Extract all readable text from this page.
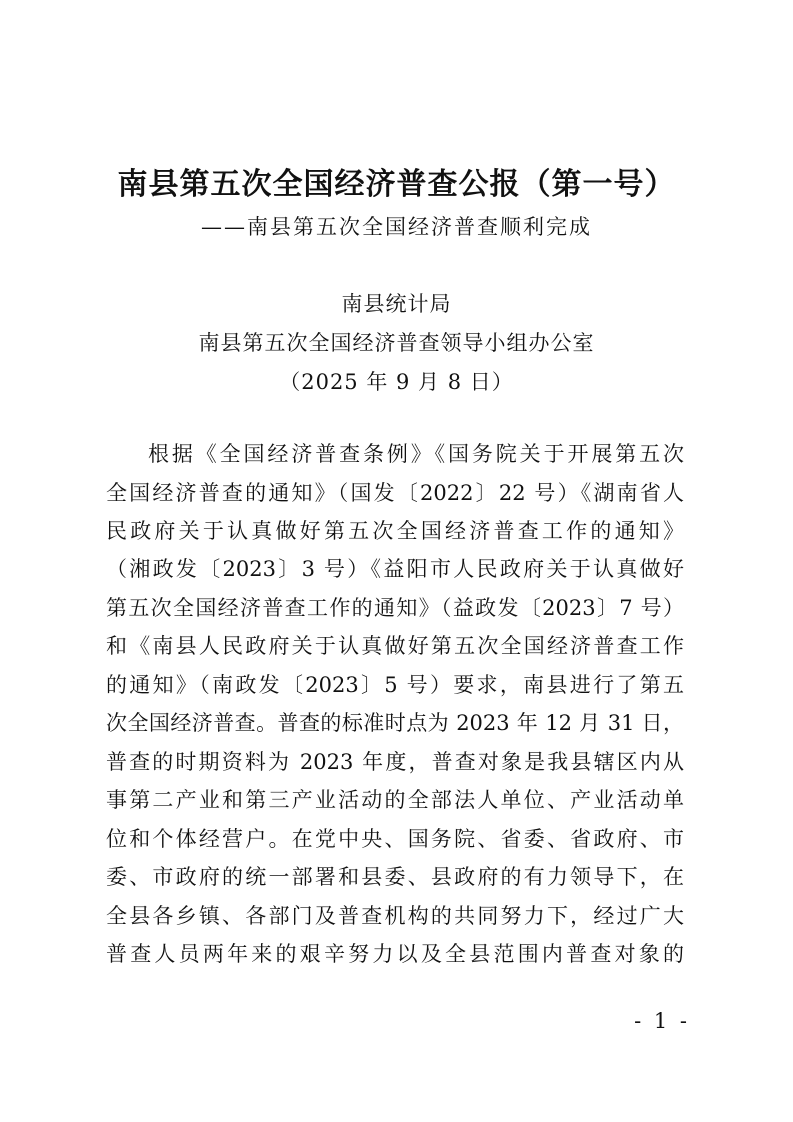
南县第五次全国经济普查公报（第一号）
——南县第五次全国经济普查顺利完成
南县统计局
南县第五次全国经济普查领导小组办公室
（2025 年 9 月 8 日）
根据《全国经济普查条例》《国务院关于开展第五次
全国经济普查的通知》（国发〔2022〕22 号）《湖南省人
民政府关于认真做好第五次全国经济普查工作的通知》
（湘政发〔2023〕3 号）《益阳市人民政府关于认真做好
第五次全国经济普查工作的通知》（益政发〔2023〕7 号）
和《南县人民政府关于认真做好第五次全国经济普查工作
的通知》（南政发〔2023〕5 号）要求，南县进行了第五
次全国经济普查。普查的标准时点为 2023 年 12 月 31 日，
普查的时期资料为 2023 年度，普查对象是我县辖区内从
事第二产业和第三产业活动的全部法人单位、产业活动单
位和个体经营户。在党中央、国务院、省委、省政府、市
委、市政府的统一部署和县委、县政府的有力领导下，在
全县各乡镇、各部门及普查机构的共同努力下，经过广大
普查人员两年来的艰辛努力以及全县范围内普查对象的
- 1 -
